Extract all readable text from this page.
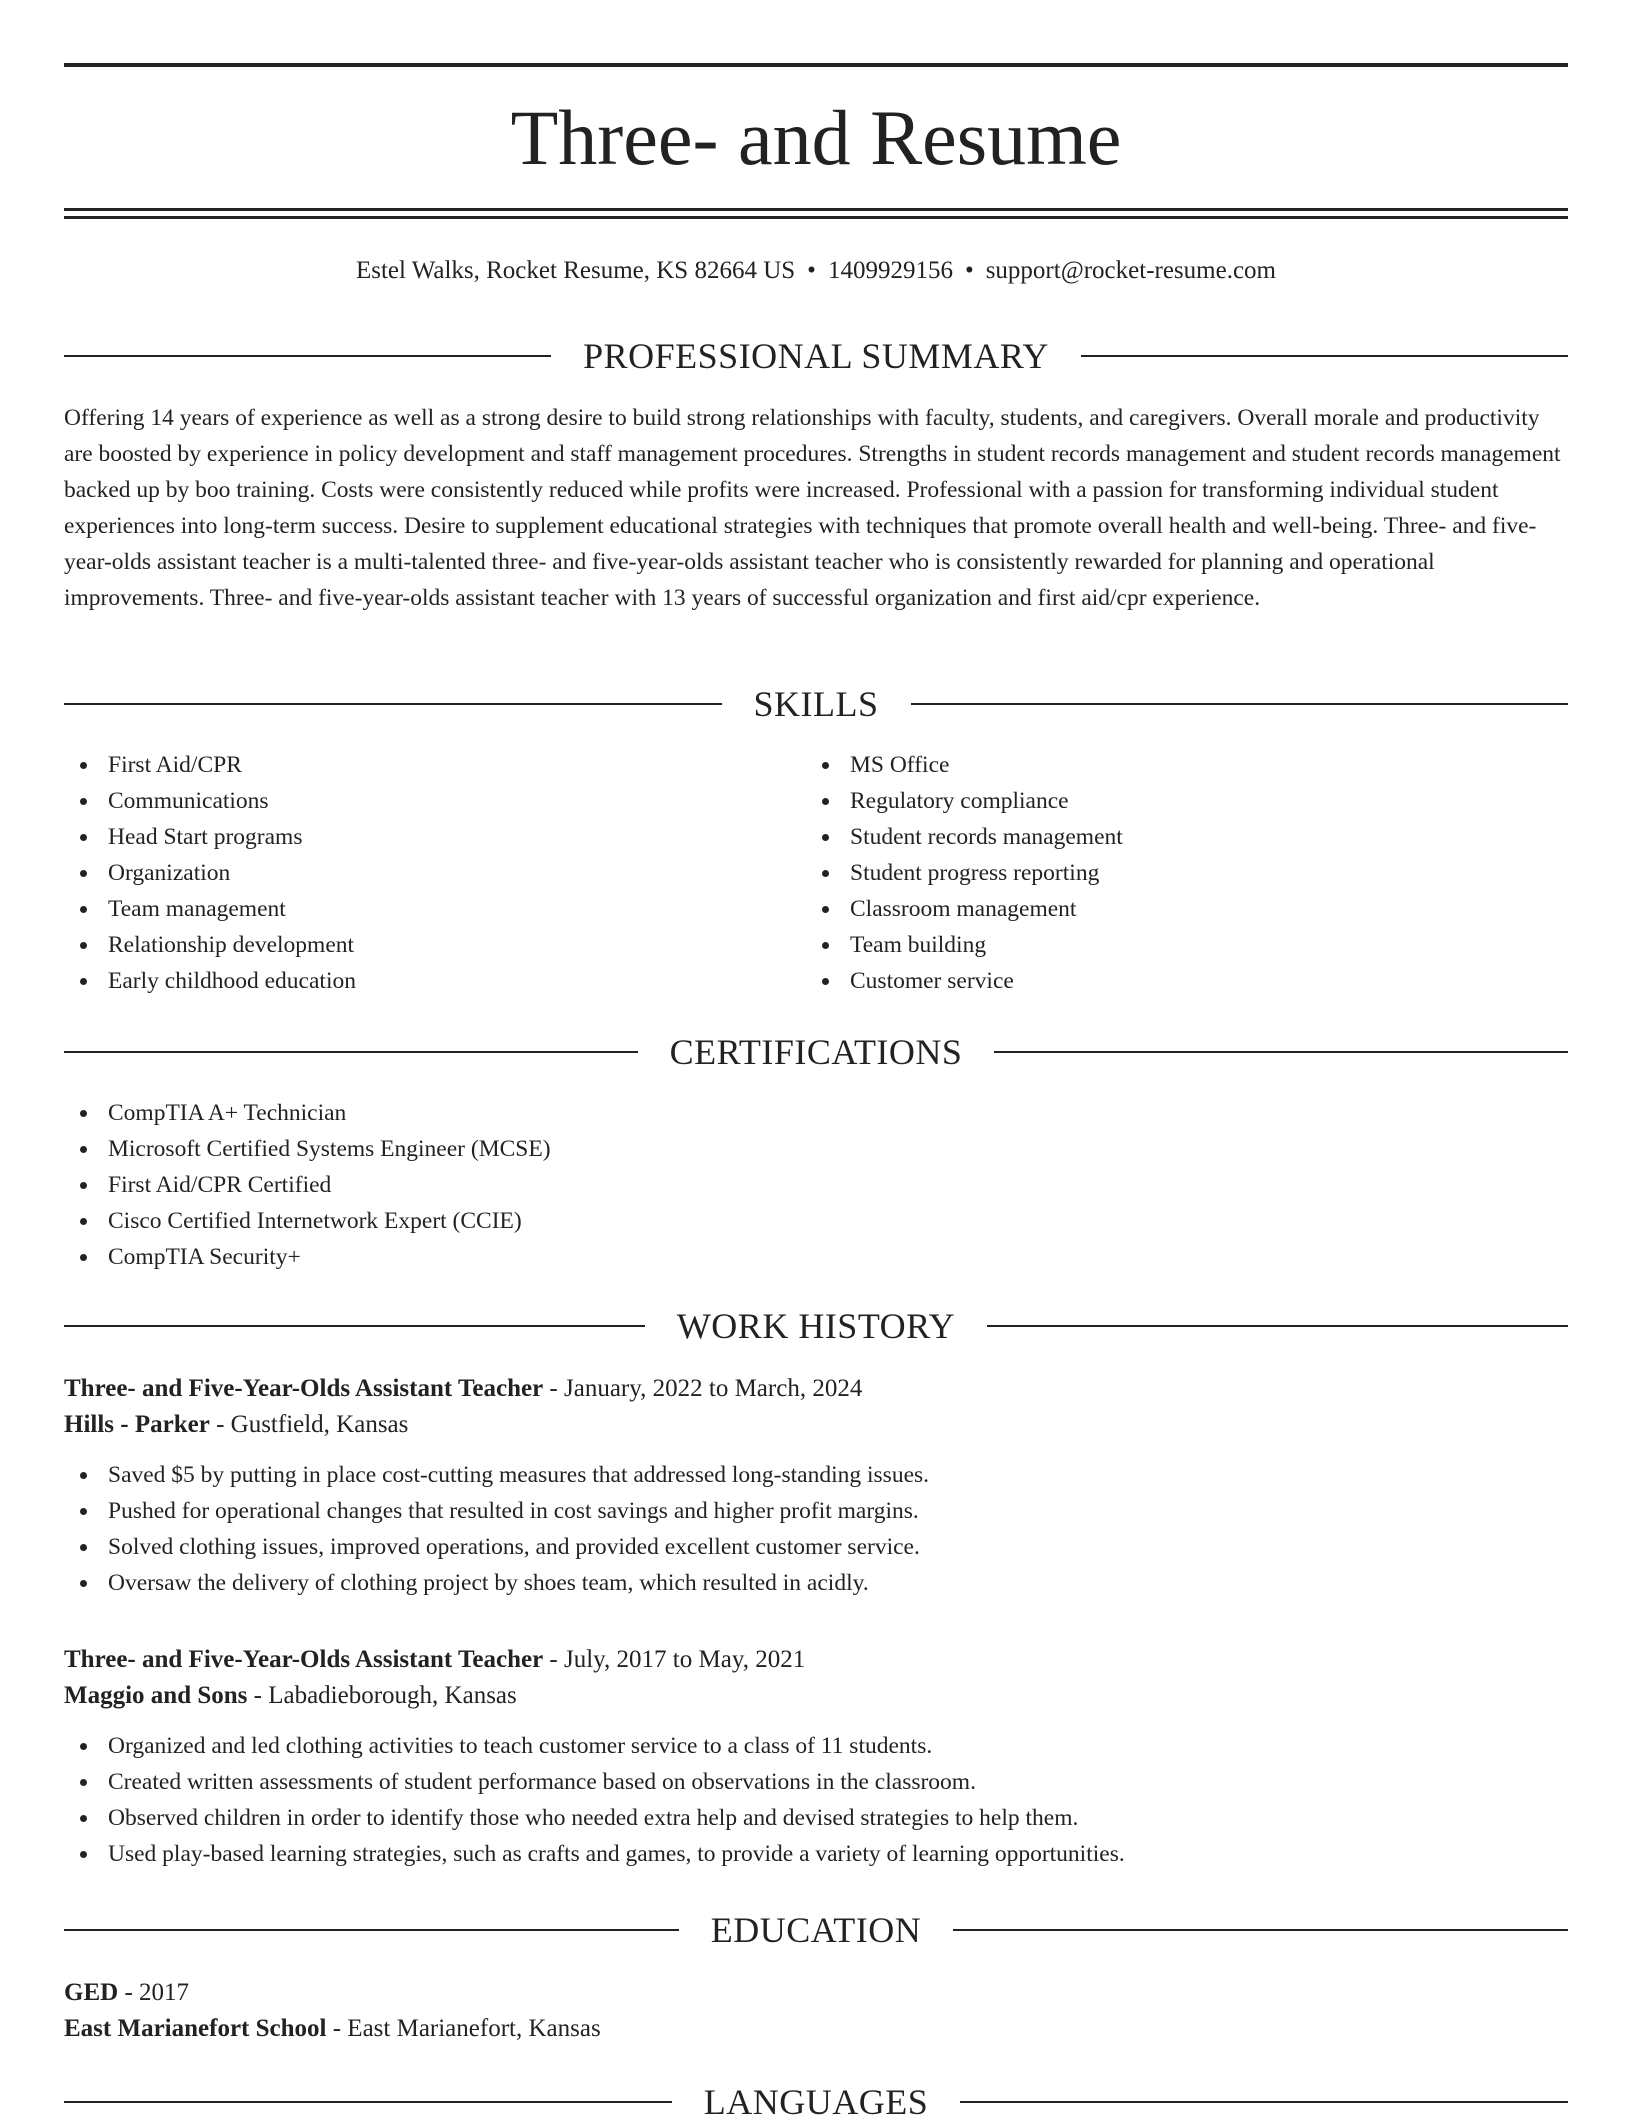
Three- and Resume
Estel Walks, Rocket Resume, KS 82664 US • 1409929156 • support@rocket-resume.com
PROFESSIONAL SUMMARY

Offering 14 years of experience as well as a strong desire to build strong relationships with faculty, students, and caregivers. Overall morale and productivity are boosted by experience in policy development and staff management procedures. Strengths in student records management and student records management backed up by boo training. Costs were consistently reduced while profits were increased. Professional with a passion for transforming individual student experiences into long-term success. Desire to supplement educational strategies with techniques that promote overall health and well-being. Three- and five-year-olds assistant teacher is a multi-talented three- and five-year-olds assistant teacher who is consistently rewarded for planning and operational improvements. Three- and five-year-olds assistant teacher with 13 years of successful organization and first aid/cpr experience.

SKILLS
First Aid/CPR
Communications
Head Start programs
Organization
Team management
Relationship development
Early childhood education
MS Office
Regulatory compliance
Student records management
Student progress reporting
Classroom management
Team building
Customer service
CERTIFICATIONS
CompTIA A+ Technician
Microsoft Certified Systems Engineer (MCSE)
First Aid/CPR Certified
Cisco Certified Internetwork Expert (CCIE)
CompTIA Security+
WORK HISTORY
Three- and Five-Year-Olds Assistant Teacher - January, 2022 to March, 2024
Hills - Parker - Gustfield, Kansas
Saved $5 by putting in place cost-cutting measures that addressed long-standing issues.
Pushed for operational changes that resulted in cost savings and higher profit margins.
Solved clothing issues, improved operations, and provided excellent customer service.
Oversaw the delivery of clothing project by shoes team, which resulted in acidly.
Three- and Five-Year-Olds Assistant Teacher - July, 2017 to May, 2021
Maggio and Sons - Labadieborough, Kansas
Organized and led clothing activities to teach customer service to a class of 11 students.
Created written assessments of student performance based on observations in the classroom.
Observed children in order to identify those who needed extra help and devised strategies to help them.
Used play-based learning strategies, such as crafts and games, to provide a variety of learning opportunities.
EDUCATION
GED - 2017
East Marianefort School - East Marianefort, Kansas
LANGUAGES
